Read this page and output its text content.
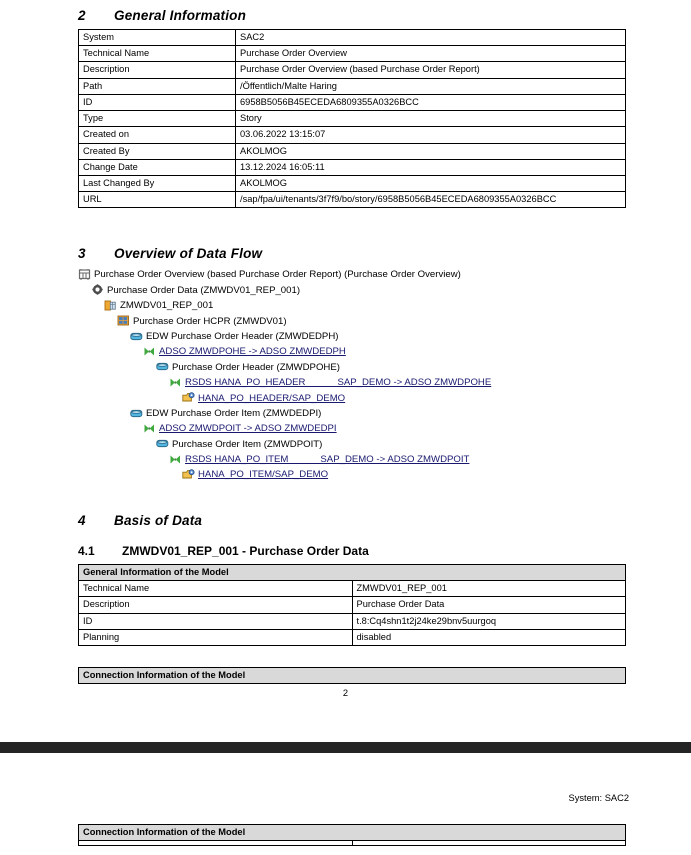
2	General Information
System	SAC2
Technical Name	Purchase Order Overview
Description	Purchase Order Overview (based Purchase Order Report)
Path	/Öffentlich/Malte Haring
ID	6958B5056B45ECEDA6809355A0326BCC
Type	Story
Created on	03.06.2022 13:15:07
Created By	AKOLMOG
Change Date	13.12.2024 16:05:11
Last Changed By	AKOLMOG
URL	/sap/fpa/ui/tenants/3f7f9/bo/story/6958B5056B45ECEDA6809355A0326BCC
3	Overview of Data Flow
Purchase Order Overview (based Purchase Order Report) (Purchase Order Overview)
Purchase Order Data (ZMWDV01_REP_001)
ZMWDV01_REP_001
Purchase Order HCPR (ZMWDV01)
EDW Purchase Order Header (ZMWDEDPH)
ADSO ZMWDPOHE -> ADSO ZMWDEDPH
Purchase Order Header (ZMWDPOHE)
RSDS HANA_PO_HEADER            SAP_DEMO -> ADSO ZMWDPOHE
HANA_PO_HEADER/SAP_DEMO
EDW Purchase Order Item (ZMWDEDPI)
ADSO ZMWDPOIT -> ADSO ZMWDEDPI
Purchase Order Item (ZMWDPOIT)
RSDS HANA_PO_ITEM            SAP_DEMO -> ADSO ZMWDPOIT
HANA_PO_ITEM/SAP_DEMO
4	Basis of Data
4.1	ZMWDV01_REP_001 - Purchase Order Data
General Information of the Model	
Technical Name	ZMWDV01_REP_001
Description	Purchase Order Data
ID	t.8:Cq4shn1t2j24ke29bnv5uurgoq
Planning	disabled
Connection Information of the Model
2
System: SAC2
Connection Information of the Model
